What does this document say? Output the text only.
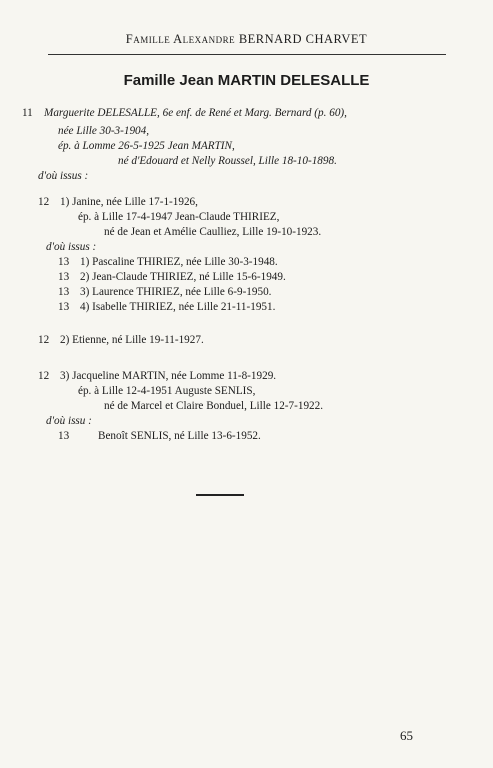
Famille Alexandre BERNARD CHARVET
Famille Jean MARTIN DELESALLE
11 Marguerite DELESALLE, 6e enf. de René et Marg. Bernard (p. 60),
née Lille 30-3-1904,
ép. à Lomme 26-5-1925 Jean MARTIN,
né d'Edouard et Nelly Roussel, Lille 18-10-1898.
d'où issus :
12 1) Janine, née Lille 17-1-1926,
ép. à Lille 17-4-1947 Jean-Claude THIRIEZ,
né de Jean et Amélie Caulliez, Lille 19-10-1923.
d'où issus :
13 1) Pascaline THIRIEZ, née Lille 30-3-1948.
13 2) Jean-Claude THIRIEZ, né Lille 15-6-1949.
13 3) Laurence THIRIEZ, née Lille 6-9-1950.
13 4) Isabelle THIRIEZ, née Lille 21-11-1951.
12 2) Etienne, né Lille 19-11-1927.
12 3) Jacqueline MARTIN, née Lomme 11-8-1929.
ép. à Lille 12-4-1951 Auguste SENLIS,
né de Marcel et Claire Bonduel, Lille 12-7-1922.
d'où issu :
13	Benoît SENLIS, né Lille 13-6-1952.
65
